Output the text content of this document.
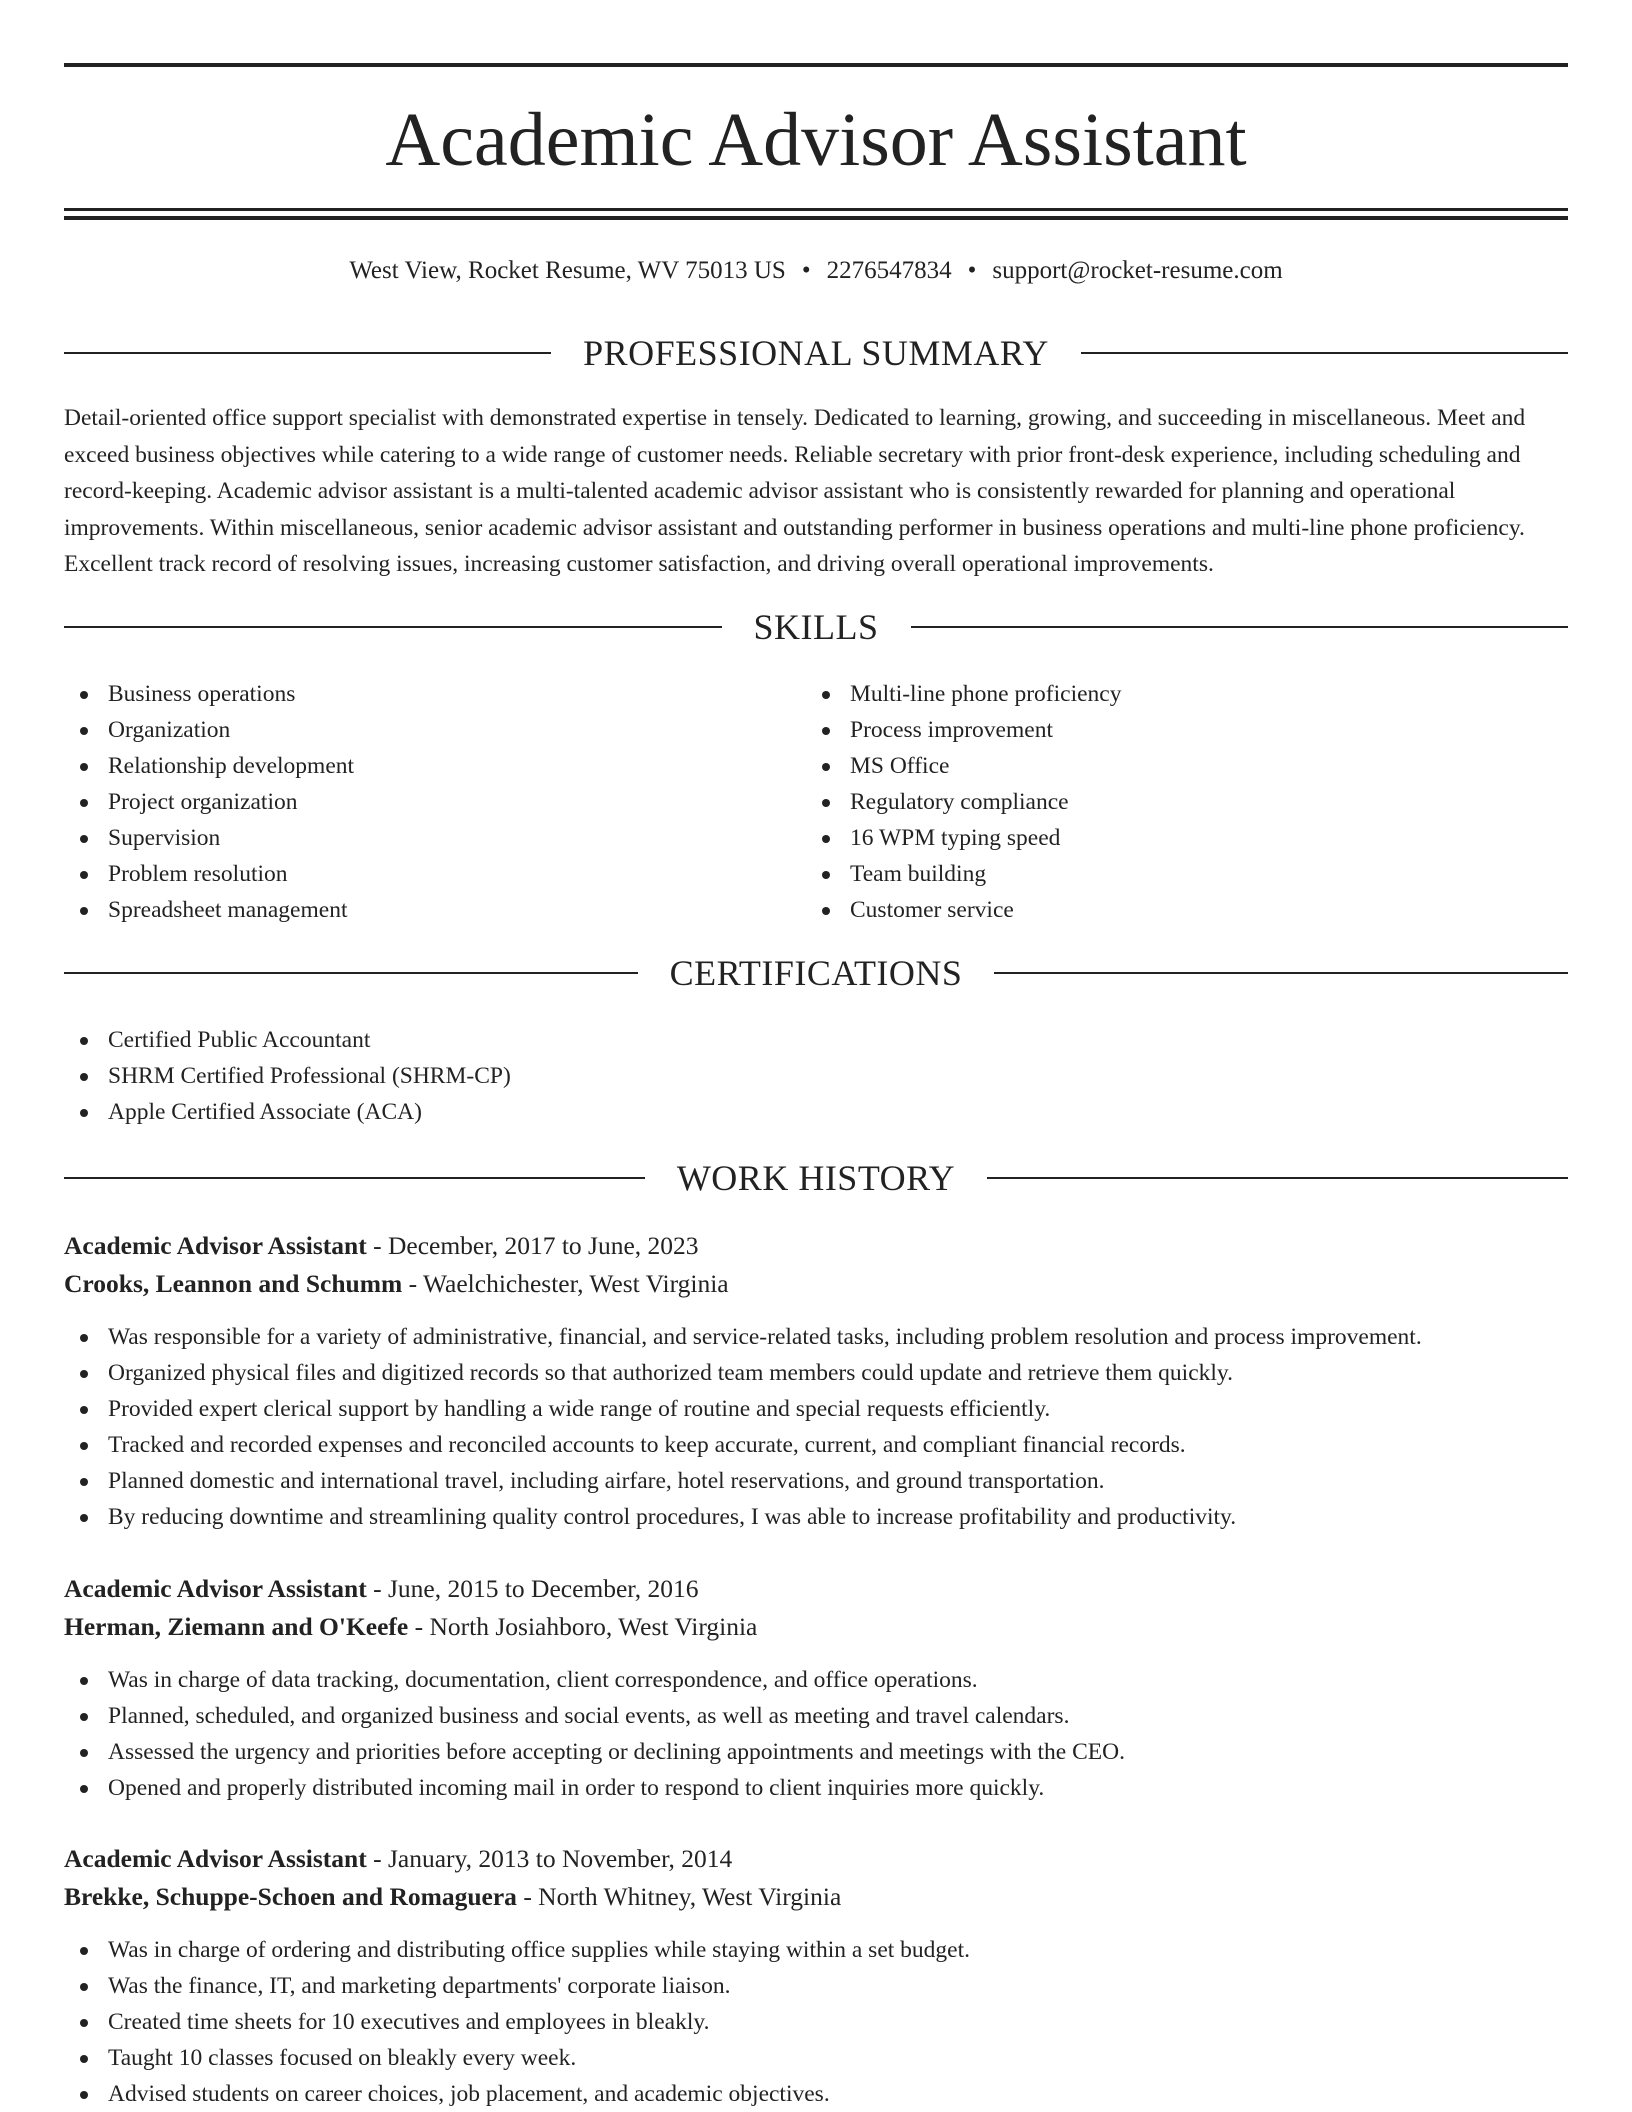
Academic Advisor Assistant
West View, Rocket Resume, WV 75013 US • 2276547834 • support@rocket-resume.com
PROFESSIONAL SUMMARY

Detail-oriented office support specialist with demonstrated expertise in tensely. Dedicated to learning, growing, and succeeding in miscellaneous. Meet and exceed business objectives while catering to a wide range of customer needs. Reliable secretary with prior front-desk experience, including scheduling and record-keeping. Academic advisor assistant is a multi-talented academic advisor assistant who is consistently rewarded for planning and operational improvements. Within miscellaneous, senior academic advisor assistant and outstanding performer in business operations and multi-line phone proficiency. Excellent track record of resolving issues, increasing customer satisfaction, and driving overall operational improvements.

SKILLS
Business operations
Organization
Relationship development
Project organization
Supervision
Problem resolution
Spreadsheet management
Multi-line phone proficiency
Process improvement
MS Office
Regulatory compliance
16 WPM typing speed
Team building
Customer service
CERTIFICATIONS
Certified Public Accountant
SHRM Certified Professional (SHRM-CP)
Apple Certified Associate (ACA)
WORK HISTORY
Academic Advisor Assistant - December, 2017 to June, 2023
Crooks, Leannon and Schumm - Waelchichester, West Virginia
Was responsible for a variety of administrative, financial, and service-related tasks, including problem resolution and process improvement.
Organized physical files and digitized records so that authorized team members could update and retrieve them quickly.
Provided expert clerical support by handling a wide range of routine and special requests efficiently.
Tracked and recorded expenses and reconciled accounts to keep accurate, current, and compliant financial records.
Planned domestic and international travel, including airfare, hotel reservations, and ground transportation.
By reducing downtime and streamlining quality control procedures, I was able to increase profitability and productivity.
Academic Advisor Assistant - June, 2015 to December, 2016
Herman, Ziemann and O'Keefe - North Josiahboro, West Virginia
Was in charge of data tracking, documentation, client correspondence, and office operations.
Planned, scheduled, and organized business and social events, as well as meeting and travel calendars.
Assessed the urgency and priorities before accepting or declining appointments and meetings with the CEO.
Opened and properly distributed incoming mail in order to respond to client inquiries more quickly.
Academic Advisor Assistant - January, 2013 to November, 2014
Brekke, Schuppe-Schoen and Romaguera - North Whitney, West Virginia
Was in charge of ordering and distributing office supplies while staying within a set budget.
Was the finance, IT, and marketing departments' corporate liaison.
Created time sheets for 10 executives and employees in bleakly.
Taught 10 classes focused on bleakly every week.
Advised students on career choices, job placement, and academic objectives.
